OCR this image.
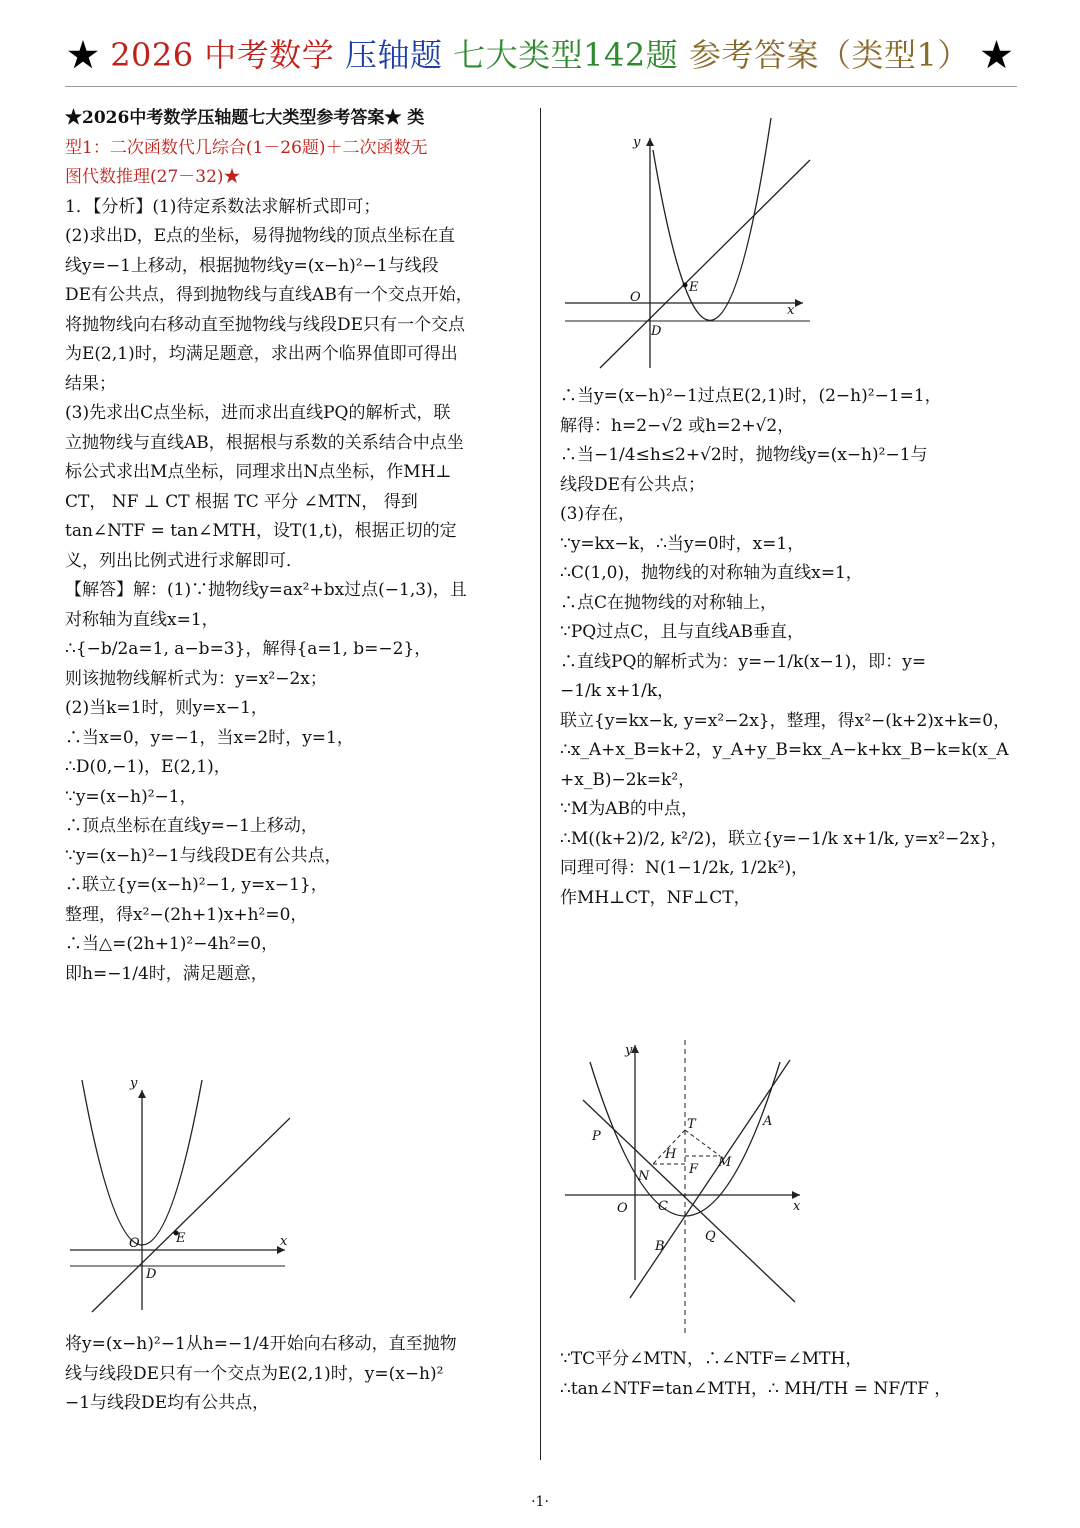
★ 2026 中考数学 压轴题 七大类型142题 参考答案（类型1） ★

★2026中考数学压轴题七大类型参考答案★ 类

型1：二次函数代几综合(1－26题)＋二次函数无

图代数推理(27－32)★

1．【分析】(1)待定系数法求解析式即可；

(2)求出D，E点的坐标，易得抛物线的顶点坐标在直

线y=−1上移动，根据抛物线y=(x−h)²−1与线段

DE有公共点，得到抛物线与直线AB有一个交点开始，

将抛物线向右移动直至抛物线与线段DE只有一个交点

为E(2,1)时，均满足题意，求出两个临界值即可得出

结果；

(3)先求出C点坐标，进而求出直线PQ的解析式，联

立抛物线与直线AB，根据根与系数的关系结合中点坐

标公式求出M点坐标，同理求出N点坐标，作MH⊥

CT， NF ⊥ CT 根据 TC 平分 ∠MTN， 得到

tan∠NTF = tan∠MTH，设T(1,t)，根据正切的定

义，列出比例式进行求解即可．

【解答】解：(1)∵抛物线y=ax²+bx过点(−1,3)，且

对称轴为直线x=1，

∴{−b/2a=1, a−b=3}，解得{a=1, b=−2}，

则该抛物线解析式为：y=x²−2x；

(2)当k=1时，则y=x−1，

∴当x=0，y=−1，当x=2时，y=1，

∴D(0,−1)，E(2,1)，

∵y=(x−h)²−1，

∴顶点坐标在直线y=−1上移动，

∵y=(x−h)²−1与线段DE有公共点，

∴联立{y=(x−h)²−1, y=x−1}，

整理，得x²−(2h+1)x+h²=0，

∴当△=(2h+1)²−4h²=0，

即h=−1/4时，满足题意，

y
x
O
D
E

将y=(x−h)²−1从h=−1/4开始向右移动，直至抛物

线与线段DE只有一个交点为E(2,1)时，y=(x−h)²

−1与线段DE均有公共点，

y
x
O
D
E

∴当y=(x−h)²−1过点E(2,1)时，(2−h)²−1=1，

解得：h=2−√2 或h=2+√2，

∴当−1/4≤h≤2+√2时，抛物线y=(x−h)²−1与

线段DE有公共点；

(3)存在，

∵y=kx−k，∴当y=0时，x=1，

∴C(1,0)，抛物线的对称轴为直线x=1，

∴点C在抛物线的对称轴上，

∵PQ过点C，且与直线AB垂直，

∴直线PQ的解析式为：y=−1/k(x−1)，即：y=

−1/k x+1/k，

联立{y=kx−k, y=x²−2x}，整理，得x²−(k+2)x+k=0，

∴x_A+x_B=k+2，y_A+y_B=kx_A−k+kx_B−k=k(x_A

+x_B)−2k=k²，

∵M为AB的中点，

∴M((k+2)/2, k²/2)，联立{y=−1/k x+1/k, y=x²−2x}，

同理可得：N(1−1/2k, 1/2k²)，

作MH⊥CT，NF⊥CT，

y
x
P
A
T
H
M
N	F
O C
B
Q

∵TC平分∠MTN，∴∠NTF=∠MTH，

∴tan∠NTF=tan∠MTH，∴ MH/TH = NF/TF ，

·1·
